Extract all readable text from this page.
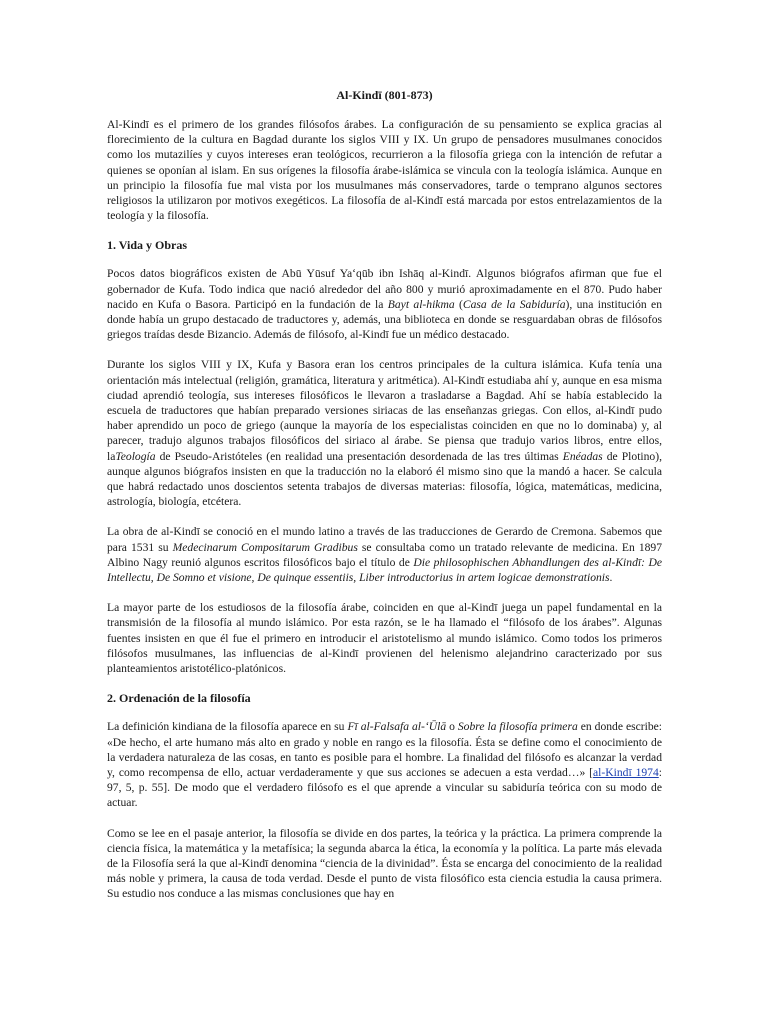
Al-Kindī (801-873)

Al-Kindī es el primero de los grandes filósofos árabes. La configuración de su pensamiento se explica gracias al florecimiento de la cultura en Bagdad durante los siglos VIII y IX. Un grupo de pensadores musulmanes conocidos como los mutazilíes y cuyos intereses eran teológicos, recurrieron a la filosofía griega con la intención de refutar a quienes se oponían al islam. En sus orígenes la filosofía árabe-islámica se vincula con la teología islámica. Aunque en un principio la filosofía fue mal vista por los musulmanes más conservadores, tarde o temprano algunos sectores religiosos la utilizaron por motivos exegéticos. La filosofía de al-Kindī está marcada por estos entrelazamientos de la teología y la filosofía.

1. Vida y Obras

Pocos datos biográficos existen de Abū Yūsuf Ya‘qūb ibn Ishāq al-Kindī. Algunos biógrafos afirman que fue el gobernador de Kufa. Todo indica que nació alrededor del año 800 y murió aproximadamente en el 870. Pudo haber nacido en Kufa o Basora. Participó en la fundación de la Bayt al-hikma (Casa de la Sabiduría), una institución en donde había un grupo destacado de traductores y, además, una biblioteca en donde se resguardaban obras de filósofos griegos traídas desde Bizancio. Además de filósofo, al-Kindī fue un médico destacado.

Durante los siglos VIII y IX, Kufa y Basora eran los centros principales de la cultura islámica. Kufa tenía una orientación más intelectual (religión, gramática, literatura y aritmética). Al-Kindī estudiaba ahí y, aunque en esa misma ciudad aprendió teología, sus intereses filosóficos le llevaron a trasladarse a Bagdad. Ahí se había establecido la escuela de traductores que habían preparado versiones siriacas de las enseñanzas griegas. Con ellos, al-Kindī pudo haber aprendido un poco de griego (aunque la mayoría de los especialistas coinciden en que no lo dominaba) y, al parecer, tradujo algunos trabajos filosóficos del siriaco al árabe. Se piensa que tradujo varios libros, entre ellos, laTeología de Pseudo-Aristóteles (en realidad una presentación desordenada de las tres últimas Enéadas de Plotino), aunque algunos biógrafos insisten en que la traducción no la elaboró él mismo sino que la mandó a hacer. Se calcula que habrá redactado unos doscientos setenta trabajos de diversas materias: filosofía, lógica, matemáticas, medicina, astrología, biología, etcétera.

La obra de al-Kindī se conoció en el mundo latino a través de las traducciones de Gerardo de Cremona. Sabemos que para 1531 su Medecinarum Compositarum Gradibus se consultaba como un tratado relevante de medicina. En 1897 Albino Nagy reunió algunos escritos filosóficos bajo el título de Die philosophischen Abhandlungen des al-Kindī: De Intellectu, De Somno et visione, De quinque essentiis, Liber introductorius in artem logicae demonstrationis.

La mayor parte de los estudiosos de la filosofía árabe, coinciden en que al-Kindī juega un papel fundamental en la transmisión de la filosofía al mundo islámico. Por esta razón, se le ha llamado el “filósofo de los árabes”. Algunas fuentes insisten en que él fue el primero en introducir el aristotelismo al mundo islámico. Como todos los primeros filósofos musulmanes, las influencias de al-Kindī provienen del helenismo alejandrino caracterizado por sus planteamientos aristotélico-platónicos.

2. Ordenación de la filosofía

La definición kindiana de la filosofía aparece en su Fī al-Falsafa al-‘Ūlā o Sobre la filosofía primera en donde escribe: «De hecho, el arte humano más alto en grado y noble en rango es la filosofía. Ésta se define como el conocimiento de la verdadera naturaleza de las cosas, en tanto es posible para el hombre. La finalidad del filósofo es alcanzar la verdad y, como recompensa de ello, actuar verdaderamente y que sus acciones se adecuen a esta verdad…» [al-Kindī 1974: 97, 5, p. 55]. De modo que el verdadero filósofo es el que aprende a vincular su sabiduría teórica con su modo de actuar.

Como se lee en el pasaje anterior, la filosofía se divide en dos partes, la teórica y la práctica. La primera comprende la ciencia física, la matemática y la metafísica; la segunda abarca la ética, la economía y la política. La parte más elevada de la Filosofía será la que al-Kindī denomina “ciencia de la divinidad”. Ésta se encarga del conocimiento de la realidad más noble y primera, la causa de toda verdad. Desde el punto de vista filosófico esta ciencia estudia la causa primera. Su estudio nos conduce a las mismas conclusiones que hay en
